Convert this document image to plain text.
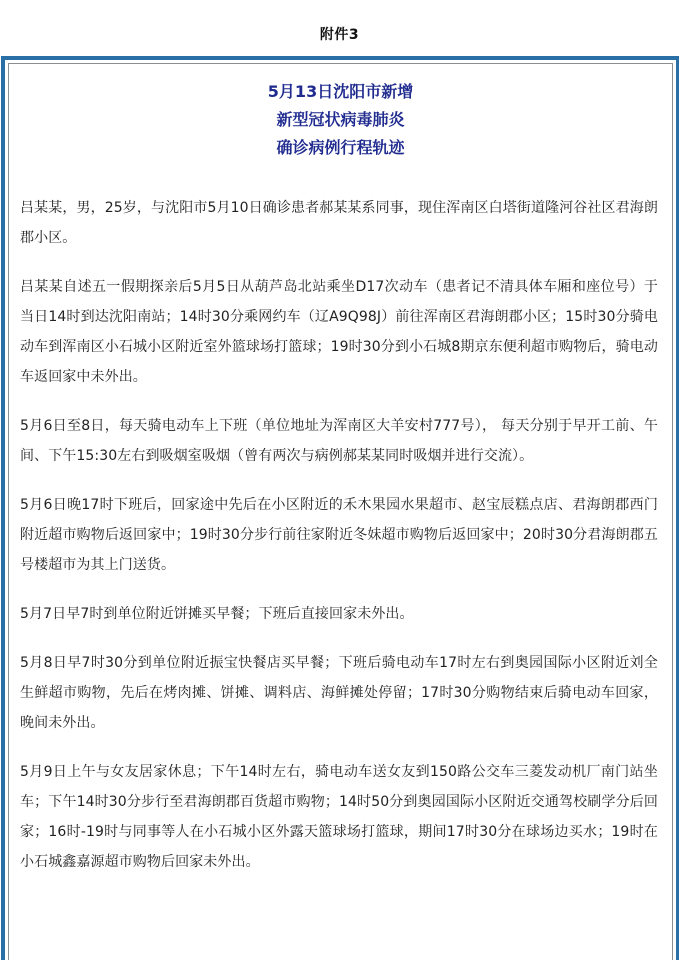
附件3
5月13日沈阳市新增
新型冠状病毒肺炎
确诊病例行程轨迹

吕某某，男，25岁，与沈阳市5月10日确诊患者郝某某系同事，现住浑南区白塔街道隆河谷社区君海朗郡小区。

吕某某自述五一假期探亲后5月5日从葫芦岛北站乘坐D17次动车（患者记不清具体车厢和座位号）于当日14时到达沈阳南站；14时30分乘网约车（辽A9Q98J）前往浑南区君海朗郡小区；15时30分骑电动车到浑南区小石城小区附近室外篮球场打篮球；19时30分到小石城8期京东便利超市购物后，骑电动车返回家中未外出。

5月6日至8日，每天骑电动车上下班（单位地址为浑南区大羊安村777号）， 每天分别于早开工前、午间、下午15:30左右到吸烟室吸烟（曾有两次与病例郝某某同时吸烟并进行交流）。

5月6日晚17时下班后，回家途中先后在小区附近的禾木果园水果超市、赵宝辰糕点店、君海朗郡西门附近超市购物后返回家中；19时30分步行前往家附近冬妹超市购物后返回家中；20时30分君海朗郡五号楼超市为其上门送货。

5月7日早7时到单位附近饼摊买早餐；下班后直接回家未外出。

5月8日早7时30分到单位附近振宝快餐店买早餐；下班后骑电动车17时左右到奥园国际小区附近刘全生鲜超市购物，先后在烤肉摊、饼摊、调料店、海鲜摊处停留；17时30分购物结束后骑电动车回家，晚间未外出。

5月9日上午与女友居家休息；下午14时左右，骑电动车送女友到150路公交车三菱发动机厂南门站坐车；下午14时30分步行至君海朗郡百货超市购物；14时50分到奥园国际小区附近交通驾校刷学分后回家；16时-19时与同事等人在小石城小区外露天篮球场打篮球，期间17时30分在球场边买水；19时在小石城鑫嘉源超市购物后回家未外出。
